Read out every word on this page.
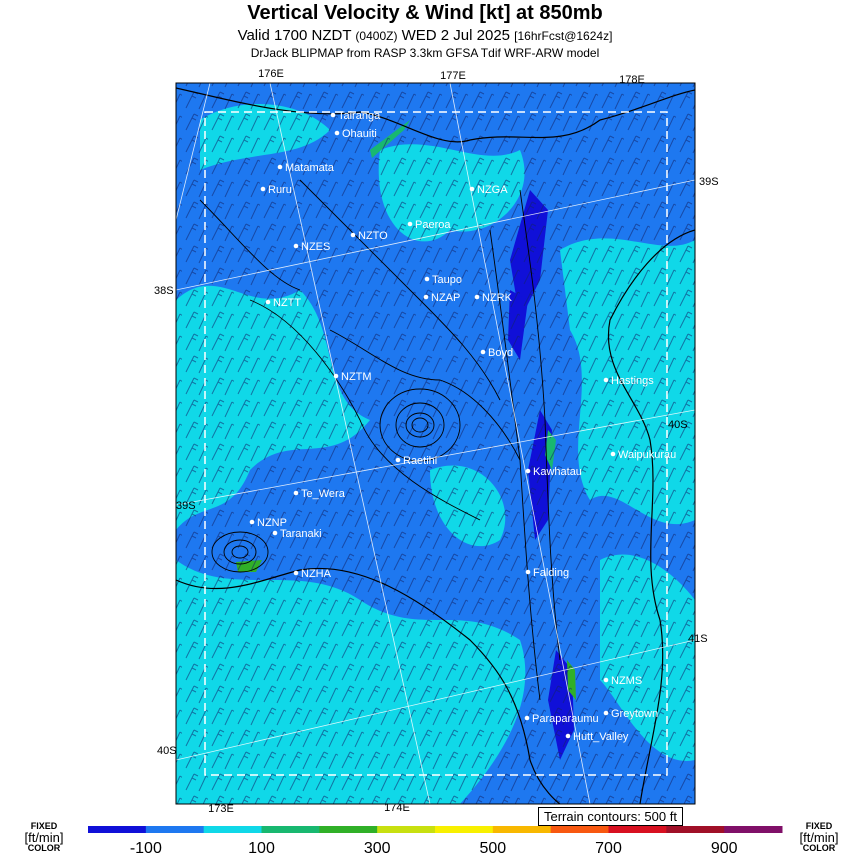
Vertical Velocity & Wind [kt] at 850mb
Valid 1700 NZDT (0400Z) WED 2 Jul 2025 [16hrFcst@1624z]
DrJack BLIPMAP from RASP 3.3km GFSA Tdif WRF-ARW model
176E	177E	178E
173E	174E
39S
38S
40S
39S
41S
40S
Tairanga
Ohauiti
Matamata
Ruru	NZGA
Paeroa
NZTO
NZES
Taupo
NZAP NZRK
NZTT
Boyd
NZTM	Hastings
Raetihi	Waipukurau
Kawhatau
Te_Wera
NZNP
Taranaki
NZHA	Falding
NZMS
Greytown
Paraparaumu
Hutt_Valley
-100	100	300	500	700	900
FIXED
[ft/min]
COLOR
FIXED
[ft/min]
COLOR
Terrain contours: 500 ft
